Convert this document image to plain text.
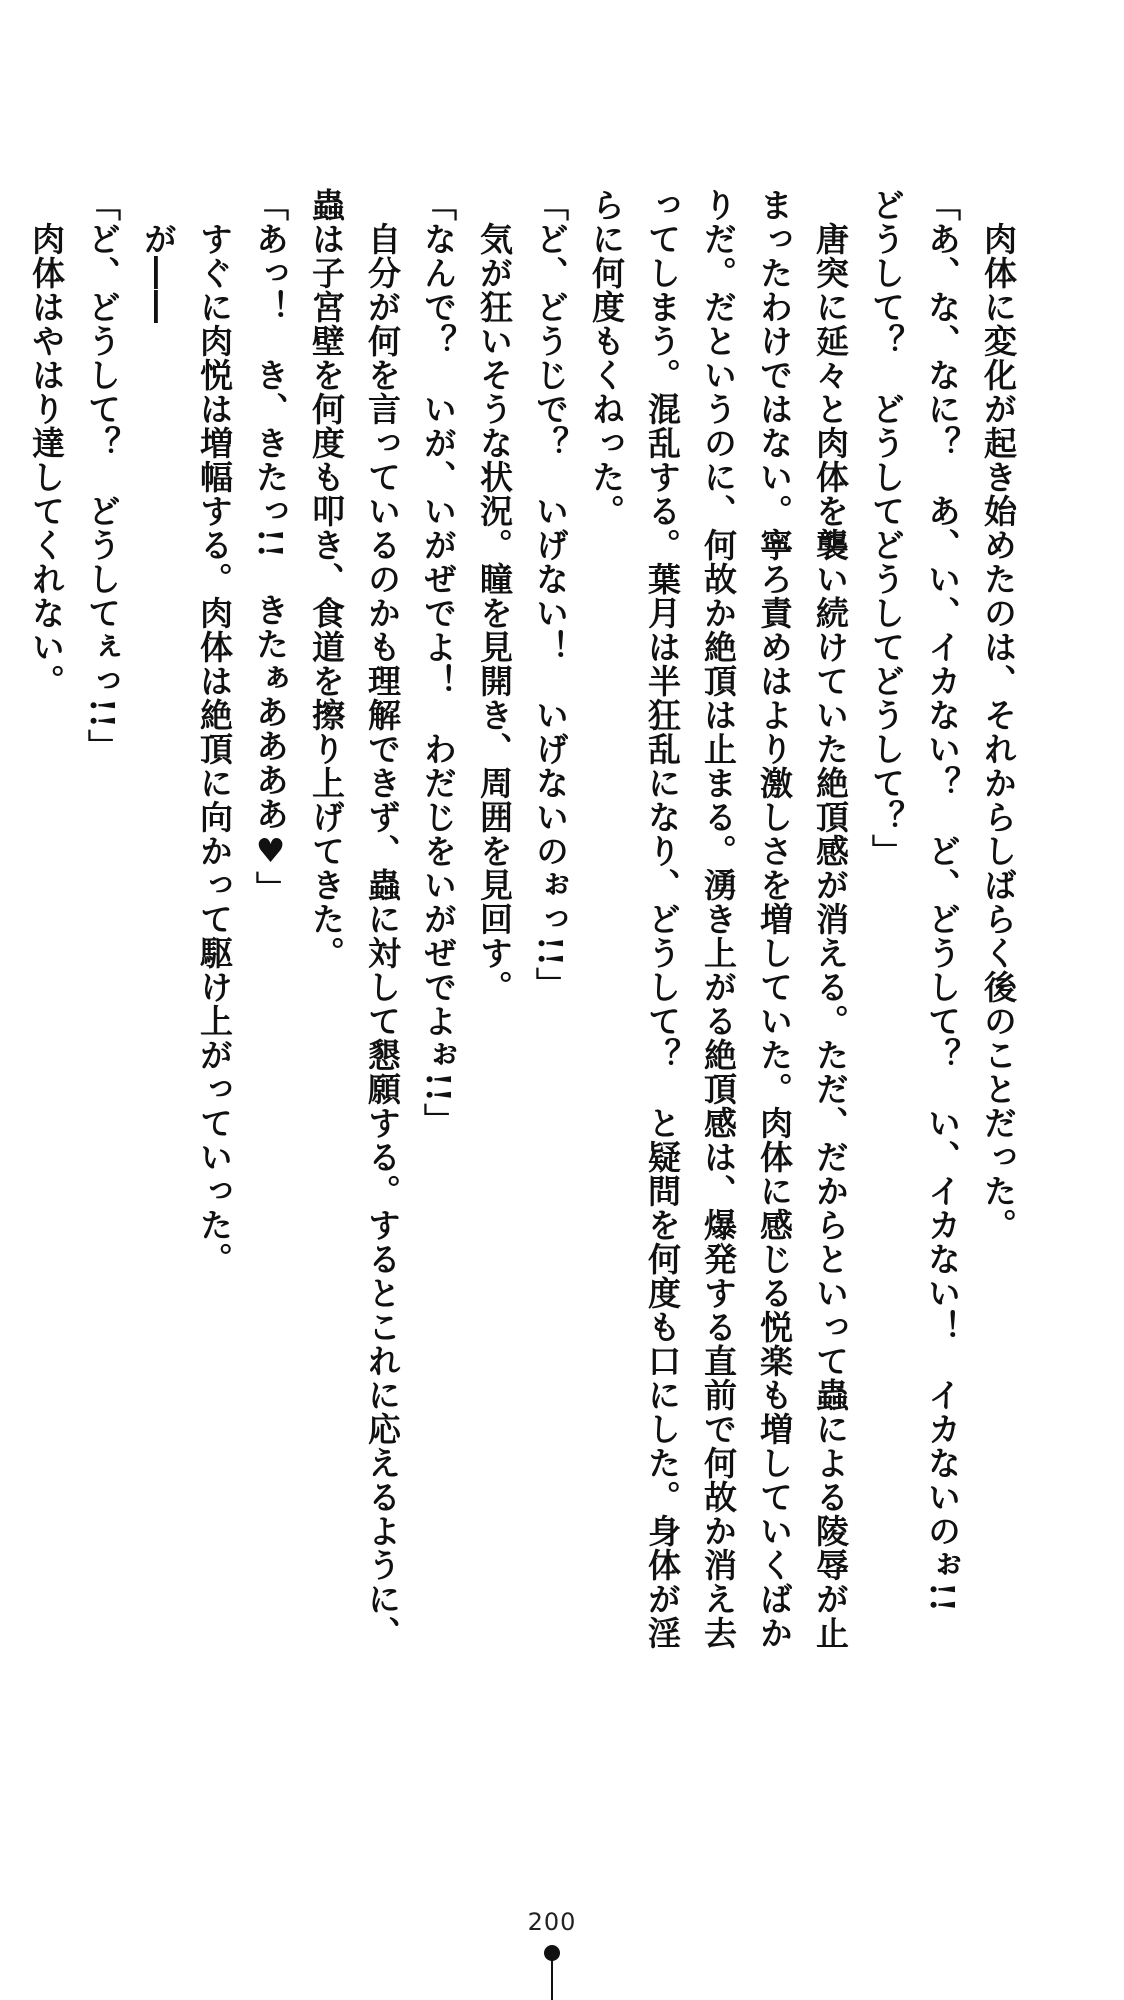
　肉体に変化が起き始めたのは、それからしばらく後のことだった。

「あ、な、なに？　あ、い、イカない？　ど、どうして？　い、イカない！　イカないのぉ!!　どうして？　どうしてどうしてどうして？」

　唐突に延々と肉体を襲い続けていた絶頂感が消える。ただ、だからといって蟲による陵辱が止まったわけではない。寧ろ責めはより激しさを増していた。肉体に感じる悦楽も増していくばかりだ。だというのに、何故か絶頂は止まる。湧き上がる絶頂感は、爆発する直前で何故か消え去ってしまう。混乱する。葉月は半狂乱になり、どうして？　と疑問を何度も口にした。身体が淫らに何度もくねった。

「ど、どうじで？　いげない！　いげないのぉっ!!」

　気が狂いそうな状況。瞳を見開き、周囲を見回す。

「なんで？　いが、いがぜでよ！　わだじをいがぜでよぉ!!」

　自分が何を言っているのかも理解できず、蟲に対して懇願する。するとこれに応えるように、蟲は子宮壁を何度も叩き、食道を擦り上げてきた。

「あっ！　き、きたっ!!　きたぁああああ♥」

　すぐに肉悦は増幅する。肉体は絶頂に向かって駆け上がっていった。

　が――

「ど、どうして？　どうしてぇっ!!」

　肉体はやはり達してくれない。

200
